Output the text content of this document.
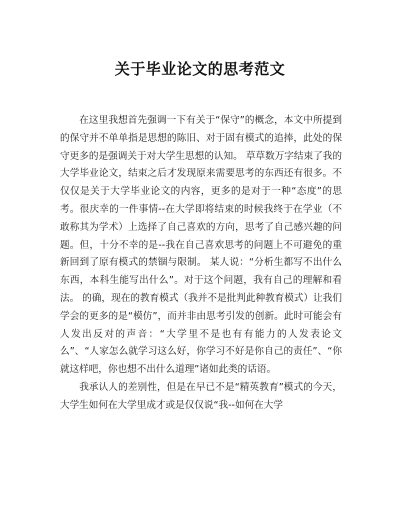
关于毕业论文的思考范文

在这里我想首先强调一下有关于“保守”的概念，本文中所提到的保守并不单单指是思想的陈旧、对于固有模式的追捧，此处的保守更多的是强调关于对大学生思想的认知。 草草数万字结束了我的大学毕业论文，结束之后才发现原来需要思考的东西还有很多。不仅仅是关于大学毕业论文的内容，更多的是对于一种“态度”的思考。很庆幸的一件事情--在大学即将结束的时候我终于在学业（不敢称其为学术）上选择了自己喜欢的方向，思考了自己感兴趣的问题。但，十分不幸的是--我在自己喜欢思考的问题上不可避免的重新回到了原有模式的禁锢与限制。 某人说：“分析生都写不出什么东西，本科生能写出什么”。对于这个问题，我有自己的理解和看法。 的确，现在的教育模式（我并不是批判此种教育模式）让我们学会的更多的是“模仿”，而并非由思考引发的创新。此时可能会有人发出反对的声音：“大学里不是也有有能力的人发表论文么”、“人家怎么就学习这么好，你学习不好是你自己的责任”、“你就这样吧，你也想不出什么道理”诸如此类的话语。

我承认人的差别性，但是在早已不是“精英教育”模式的今天，大学生如何在大学里成才或是仅仅说“我--如何在大学
